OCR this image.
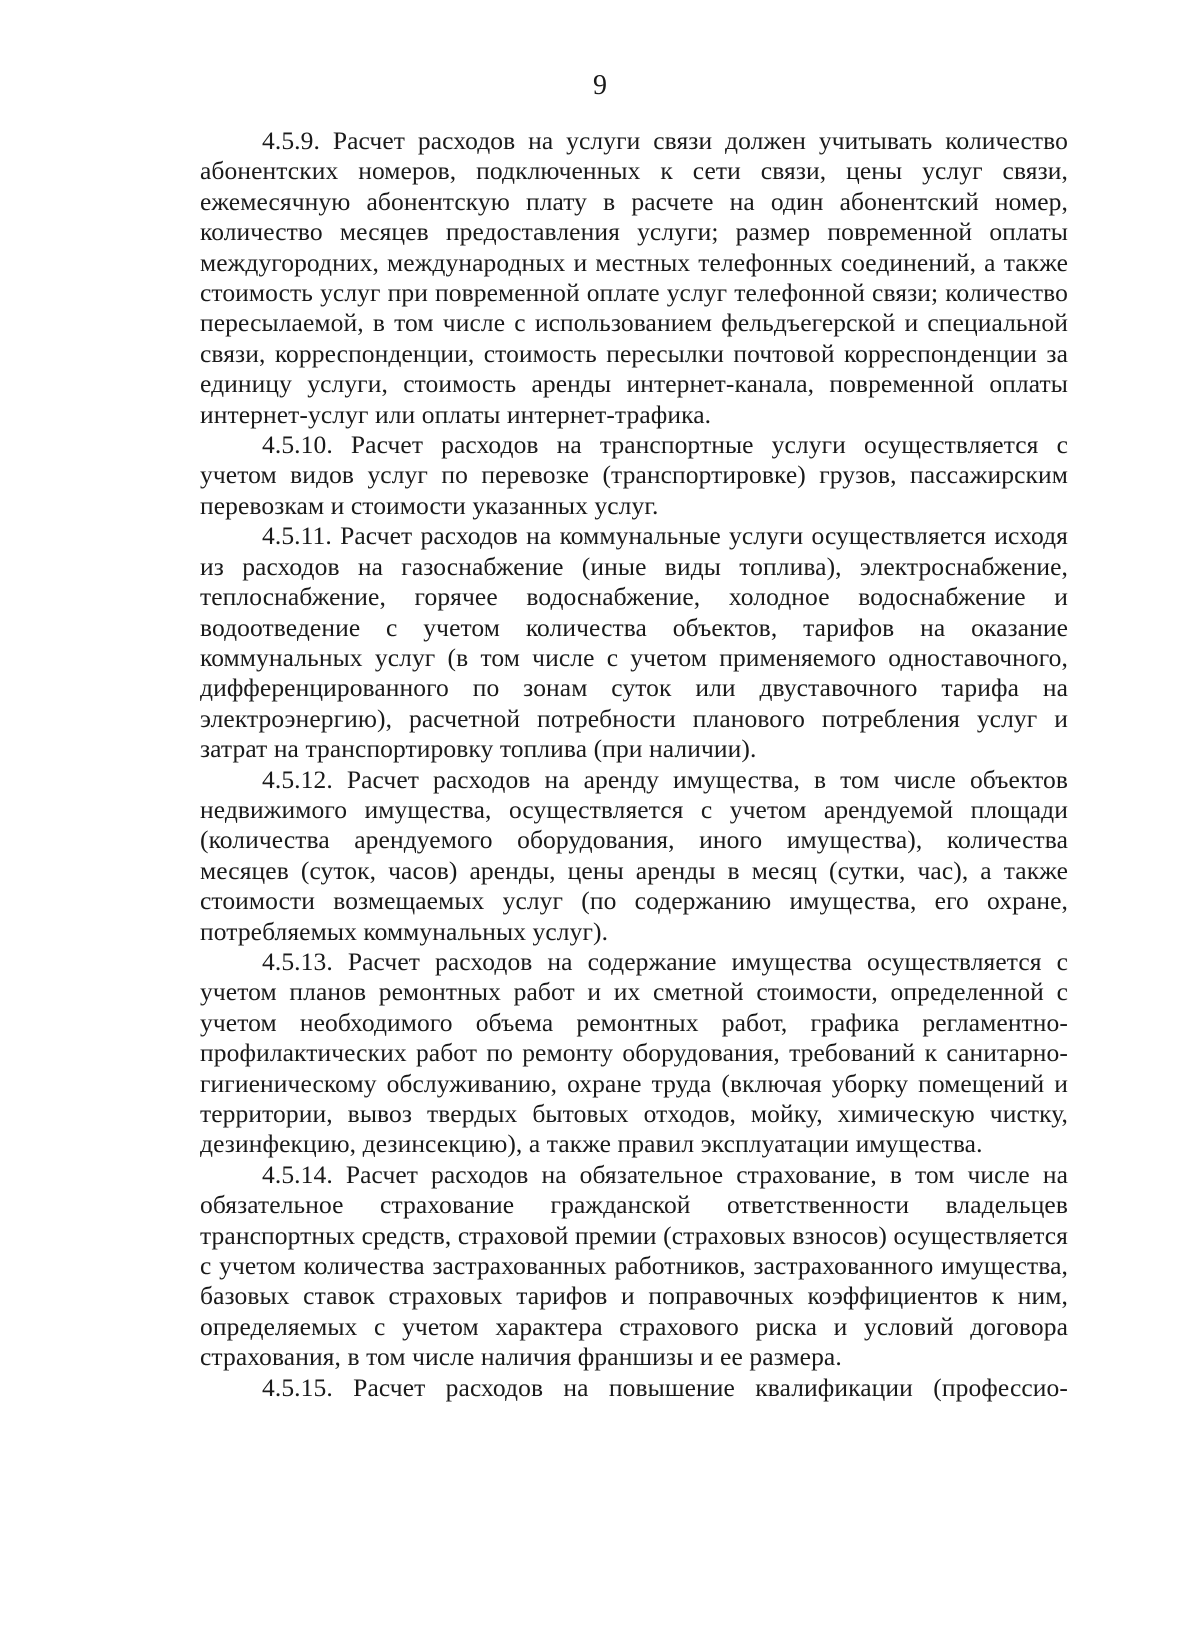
9

4.5.9. Расчет расходов на услуги связи должен учитывать количество абонентских номеров, подключенных к сети связи, цены услуг связи, ежемесячную абонентскую плату в расчете на один абонентский номер, количество месяцев предоставления услуги; размер повременной оплаты междугородних, международных и местных телефонных соединений, а также стоимость услуг при повременной оплате услуг телефонной связи; количество пересылаемой, в том числе с использованием фельдъегерской и специальной связи, корреспонденции, стоимость пересылки почтовой корреспонденции за единицу услуги, стоимость аренды интернет-канала, повременной оплаты интернет-услуг или оплаты интернет-трафика.

4.5.10. Расчет расходов на транспортные услуги осуществляется с учетом видов услуг по перевозке (транспортировке) грузов, пассажирским перевозкам и стоимости указанных услуг.

4.5.11. Расчет расходов на коммунальные услуги осуществляется исходя из расходов на газоснабжение (иные виды топлива), электроснабжение, теплоснабжение, горячее водоснабжение, холодное водоснабжение и водоотведение с учетом количества объектов, тарифов на оказание коммунальных услуг (в том числе с учетом применяемого одноставочного, дифференцированного по зонам суток или двуставочного тарифа на электроэнергию), расчетной потребности планового потребления услуг и затрат на транспортировку топлива (при наличии).

4.5.12. Расчет расходов на аренду имущества, в том числе объектов недвижимого имущества, осуществляется с учетом арендуемой площади (количества арендуемого оборудования, иного имущества), количества месяцев (суток, часов) аренды, цены аренды в месяц (сутки, час), а также стоимости возмещаемых услуг (по содержанию имущества, его охране, потребляемых коммунальных услуг).

4.5.13. Расчет расходов на содержание имущества осуществляется с учетом планов ремонтных работ и их сметной стоимости, определенной с учетом необходимого объема ремонтных работ, графика регламентно-профилактических работ по ремонту оборудования, требований к санитарно-гигиеническому обслуживанию, охране труда (включая уборку помещений и территории, вывоз твердых бытовых отходов, мойку, химическую чистку, дезинфекцию, дезинсекцию), а также правил эксплуатации имущества.

4.5.14. Расчет расходов на обязательное страхование, в том числе на обязательное страхование гражданской ответственности владельцев транспортных средств, страховой премии (страховых взносов) осуществляется с учетом количества застрахованных работников, застрахованного имущества, базовых ставок страховых тарифов и поправочных коэффициентов к ним, определяемых с учетом характера страхового риска и условий договора страхования, в том числе наличия франшизы и ее размера.

4.5.15. Расчет расходов на повышение квалификации (профессио-
